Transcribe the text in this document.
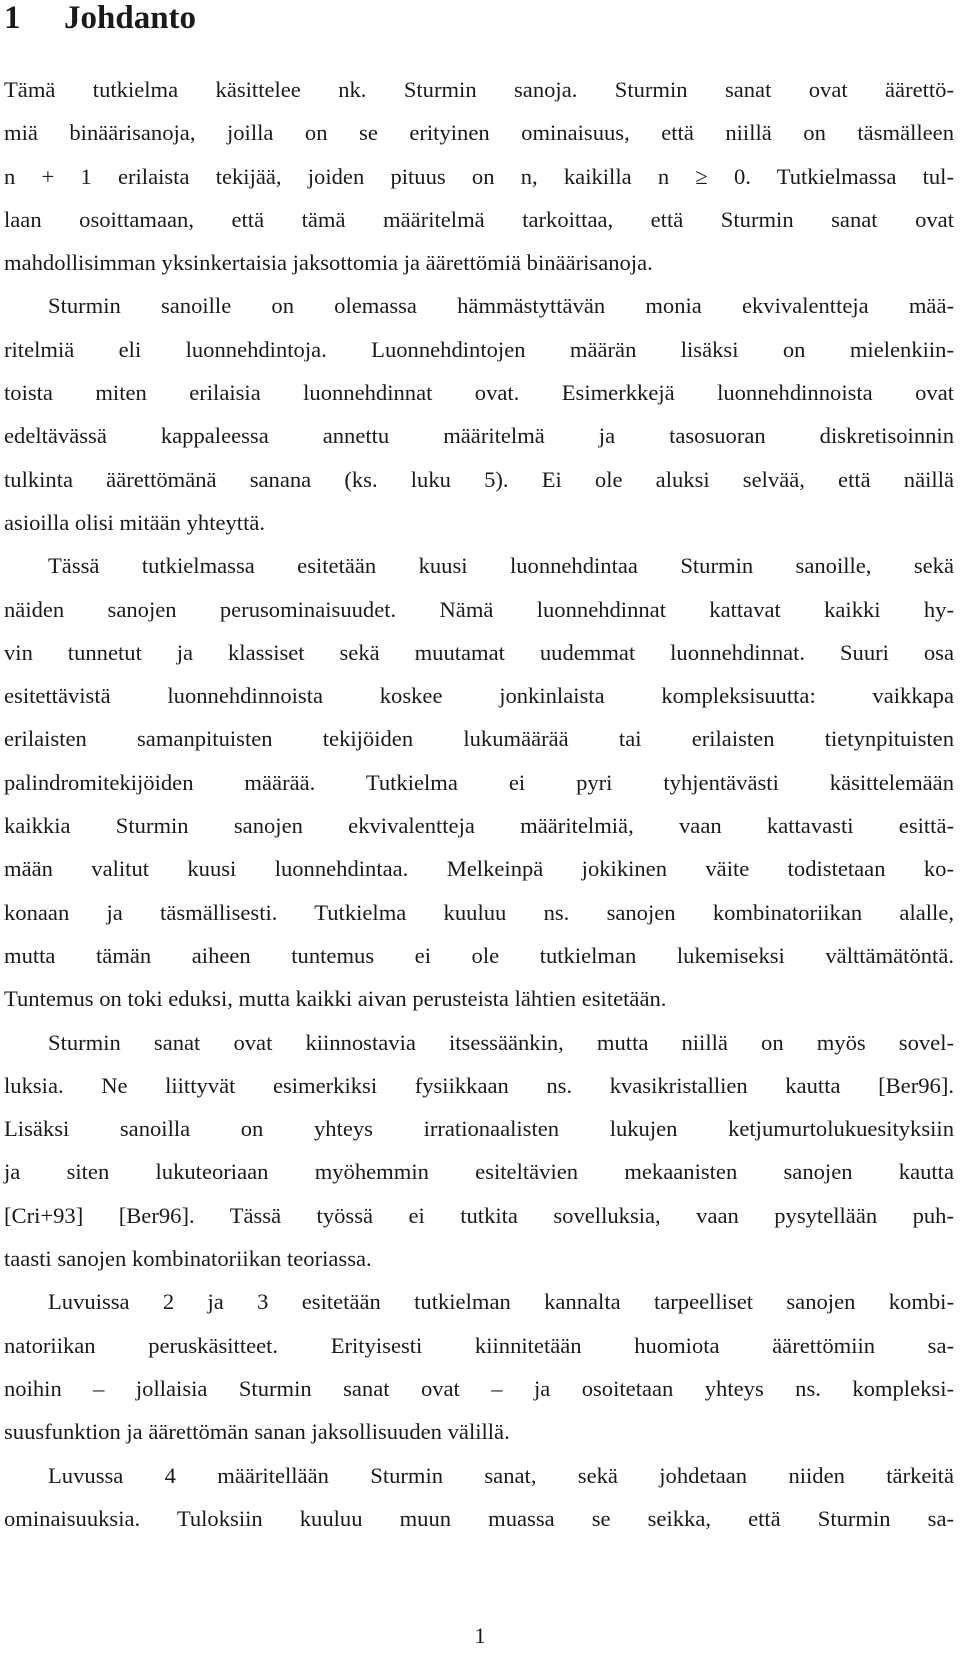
1 Johdanto
Tämä tutkielma käsittelee nk. Sturmin sanoja. Sturmin sanat ovat äärettö-
miä binäärisanoja, joilla on se erityinen ominaisuus, että niillä on täsmälleen
n + 1 erilaista tekijää, joiden pituus on n, kaikilla n ≥ 0. Tutkielmassa tul-
laan osoittamaan, että tämä määritelmä tarkoittaa, että Sturmin sanat ovat
mahdollisimman yksinkertaisia jaksottomia ja äärettömiä binäärisanoja.
Sturmin sanoille on olemassa hämmästyttävän monia ekvivalentteja mää-
ritelmiä eli luonnehdintoja. Luonnehdintojen määrän lisäksi on mielenkiin-
toista miten erilaisia luonnehdinnat ovat. Esimerkkejä luonnehdinnoista ovat
edeltävässä kappaleessa annettu määritelmä ja tasosuoran diskretisoinnin
tulkinta äärettömänä sanana (ks. luku 5). Ei ole aluksi selvää, että näillä
asioilla olisi mitään yhteyttä.
Tässä tutkielmassa esitetään kuusi luonnehdintaa Sturmin sanoille, sekä
näiden sanojen perusominaisuudet. Nämä luonnehdinnat kattavat kaikki hy-
vin tunnetut ja klassiset sekä muutamat uudemmat luonnehdinnat. Suuri osa
esitettävistä luonnehdinnoista koskee jonkinlaista kompleksisuutta: vaikkapa
erilaisten samanpituisten tekijöiden lukumäärää tai erilaisten tietynpituisten
palindromitekijöiden määrää. Tutkielma ei pyri tyhjentävästi käsittelemään
kaikkia Sturmin sanojen ekvivalentteja määritelmiä, vaan kattavasti esittä-
mään valitut kuusi luonnehdintaa. Melkeinpä jokikinen väite todistetaan ko-
konaan ja täsmällisesti. Tutkielma kuuluu ns. sanojen kombinatoriikan alalle,
mutta tämän aiheen tuntemus ei ole tutkielman lukemiseksi välttämätöntä.
Tuntemus on toki eduksi, mutta kaikki aivan perusteista lähtien esitetään.
Sturmin sanat ovat kiinnostavia itsessäänkin, mutta niillä on myös sovel-
luksia. Ne liittyvät esimerkiksi fysiikkaan ns. kvasikristallien kautta [Ber96].
Lisäksi sanoilla on yhteys irrationaalisten lukujen ketjumurtolukuesityksiin
ja siten lukuteoriaan myöhemmin esiteltävien mekaanisten sanojen kautta
[Cri+93] [Ber96]. Tässä työssä ei tutkita sovelluksia, vaan pysytellään puh-
taasti sanojen kombinatoriikan teoriassa.
Luvuissa 2 ja 3 esitetään tutkielman kannalta tarpeelliset sanojen kombi-
natoriikan peruskäsitteet. Erityisesti kiinnitetään huomiota äärettömiin sa-
noihin – jollaisia Sturmin sanat ovat – ja osoitetaan yhteys ns. kompleksi-
suusfunktion ja äärettömän sanan jaksollisuuden välillä.
Luvussa 4 määritellään Sturmin sanat, sekä johdetaan niiden tärkeitä
ominaisuuksia. Tuloksiin kuuluu muun muassa se seikka, että Sturmin sa-
1
